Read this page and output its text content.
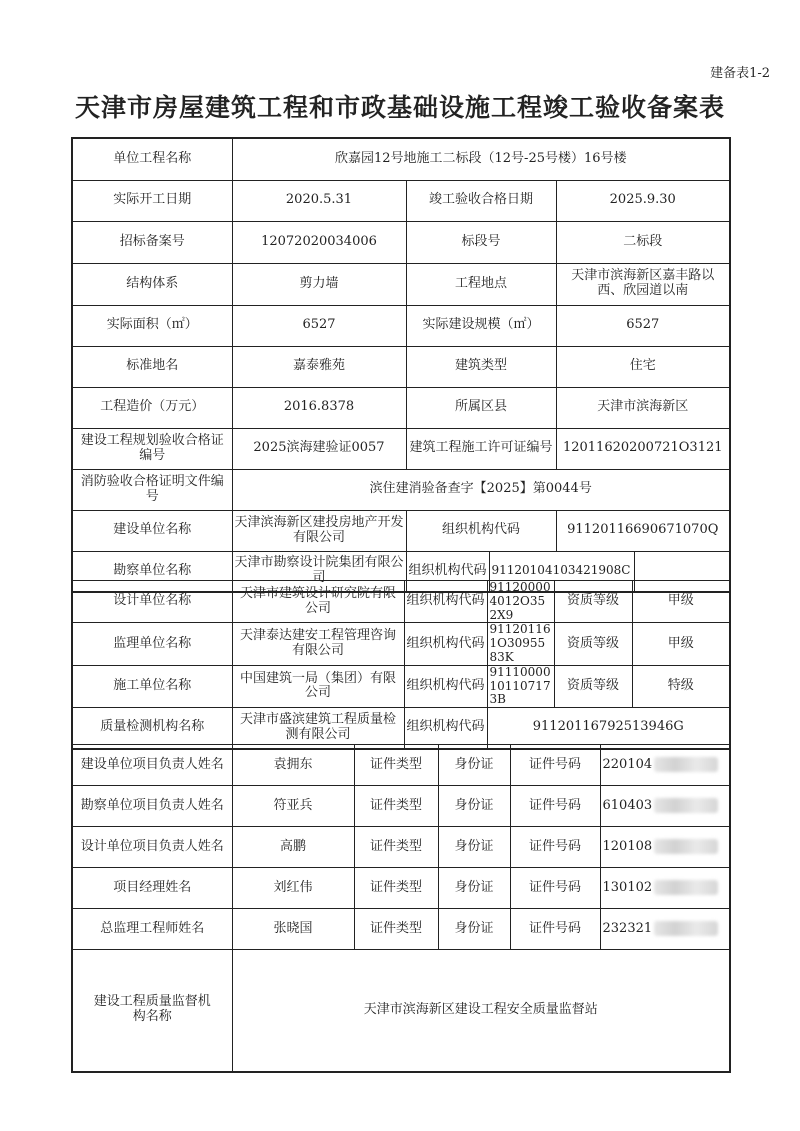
建备表1-2
天津市房屋建筑工程和市政基础设施工程竣工验收备案表
单位工程名称	欣嘉园12号地施工二标段（12号-25号楼）16号楼			
实际开工日期	2020.5.31	竣工验收合格日期		2025.9.30
招标备案号	12072020034006	标段号		二标段
结构体系	剪力墙	工程地点		天津市滨海新区嘉丰路以西、欣园道以南
实际面积（㎡）	6527	实际建设规模（㎡）		6527
标准地名	嘉泰雅苑	建筑类型		住宅
工程造价（万元）	2016.8378	所属区县		天津市滨海新区
建设工程规划验收合格证编号	2025滨海建验证0057	建筑工程施工许可证编号		12011620200721O3121
消防验收合格证明文件编号	滨住建消验备查字【2025】第0044号			
建设单位名称	天津滨海新区建投房地产开发有限公司	组织机构代码		91120116690671070Q
勘察单位名称	天津市勘察设计院集团有限公司	组织机构代码	91120104103421908C
设计单位名称	天津市建筑设计研究院有限公司	组织机构代码	911200004012O352X9	资质等级	甲级
监理单位名称	天津泰达建安工程管理咨询有限公司	组织机构代码	911201161O3095583K	资质等级	甲级
施工单位名称	中国建筑一局（集团）有限公司	组织机构代码	91110000101107173B	资质等级	特级
质量检测机构名称	天津市盛滨建筑工程质量检测有限公司	组织机构代码	91120116792513946G		
建设单位项目负责人姓名	袁拥东	证件类型	身份证	证件号码	220104
勘察单位项目负责人姓名	符亚兵	证件类型	身份证	证件号码	610403
设计单位项目负责人姓名	高鹏	证件类型	身份证	证件号码	120108
项目经理姓名	刘红伟	证件类型	身份证	证件号码	130102
总监理工程师姓名	张晓国	证件类型	身份证	证件号码	232321
建设工程质量监督机构名称	天津市滨海新区建设工程安全质量监督站				
